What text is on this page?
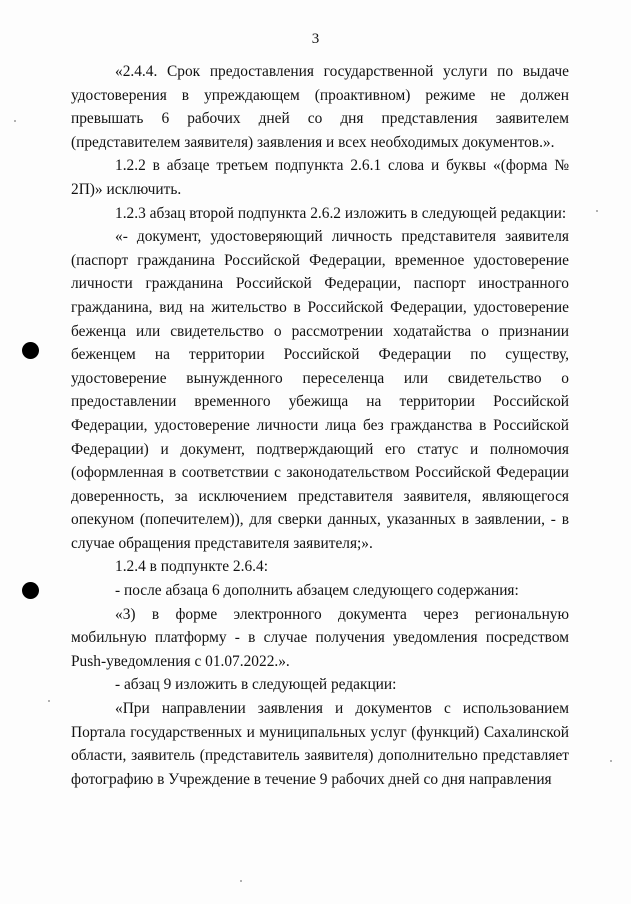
3

«2.4.4. Срок предоставления государственной услуги по выдаче удостоверения в упреждающем (проактивном) режиме не должен превышать 6 рабочих дней со дня представления заявителем (представителем заявителя) заявления и всех необходимых документов.».

1.2.2 в абзаце третьем подпункта 2.6.1 слова и буквы «(форма № 2П)» исключить.

1.2.3 абзац второй подпункта 2.6.2 изложить в следующей редакции:

«- документ, удостоверяющий личность представителя заявителя (паспорт гражданина Российской Федерации, временное удостоверение личности гражданина Российской Федерации, паспорт иностранного гражданина, вид на жительство в Российской Федерации, удостоверение беженца или свидетельство о рассмотрении ходатайства о признании беженцем на территории Российской Федерации по существу, удостоверение вынужденного переселенца или свидетельство о предоставлении временного убежища на территории Российской Федерации, удостоверение личности лица без гражданства в Российской Федерации) и документ, подтверждающий его статус и полномочия (оформленная в соответствии с законодательством Российской Федерации доверенность, за исключением представителя заявителя, являющегося опекуном (попечителем)), для сверки данных, указанных в заявлении, - в случае обращения представителя заявителя;».

1.2.4 в подпункте 2.6.4:

- после абзаца 6 дополнить абзацем следующего содержания:

«3) в форме электронного документа через региональную мобильную платформу - в случае получения уведомления посредством Push-уведомления с 01.07.2022.».

- абзац 9 изложить в следующей редакции:

«При направлении заявления и документов с использованием Портала государственных и муниципальных услуг (функций) Сахалинской области, заявитель (представитель заявителя) дополнительно представляет фотографию в Учреждение в течение 9 рабочих дней со дня направления
